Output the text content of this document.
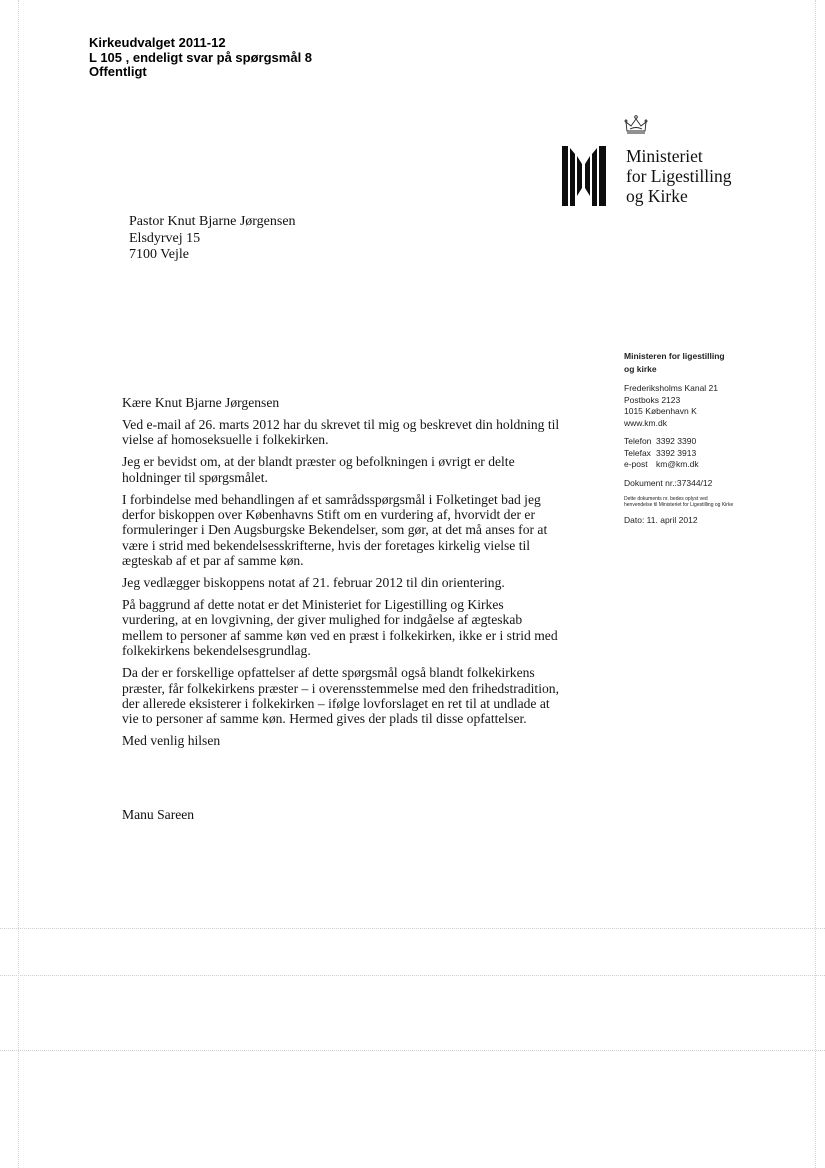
Kirkeudvalget 2011-12
L 105 , endeligt svar på spørgsmål 8
Offentligt
Ministeriet
for Ligestilling
og Kirke
Pastor Knut Bjarne Jørgensen
Elsdyrvej 15
7100 Vejle
Ministeren for ligestilling og kirke
Frederiksholms Kanal 21
Postboks 2123
1015 København K
www.km.dk
Telefon 3392 3390
Telefax 3392 3913
e-post km@km.dk
Dokument nr.:37344/12
Dette dokuments nr. bedes oplyst ved henvendelse til Ministeriet for Ligestilling og Kirke
Dato: 11. april 2012

Kære Knut Bjarne Jørgensen

Ved e-mail af 26. marts 2012 har du skrevet til mig og beskrevet din holdning til vielse af homoseksuelle i folkekirken.

Jeg er bevidst om, at der blandt præster og befolkningen i øvrigt er delte holdninger til spørgsmålet.

I forbindelse med behandlingen af et samrådsspørgsmål i Folketinget bad jeg derfor biskoppen over Københavns Stift om en vurdering af, hvorvidt der er formuleringer i Den Augsburgske Bekendelser, som gør, at det må anses for at være i strid med bekendelsesskrifterne, hvis der foretages kirkelig vielse til ægteskab af et par af samme køn.

Jeg vedlægger biskoppens notat af 21. februar 2012 til din orientering.

På baggrund af dette notat er det Ministeriet for Ligestilling og Kirkes vurdering, at en lovgivning, der giver mulighed for indgåelse af ægteskab mellem to personer af samme køn ved en præst i folkekirken, ikke er i strid med folkekirkens bekendelsesgrundlag.

Da der er forskellige opfattelser af dette spørgsmål også blandt folkekirkens præster, får folkekirkens præster – i overensstemmelse med den frihedstradition, der allerede eksisterer i folkekirken – ifølge lovforslaget en ret til at undlade at vie to personer af samme køn. Hermed gives der plads til disse opfattelser.

Med venlig hilsen

Manu Sareen
